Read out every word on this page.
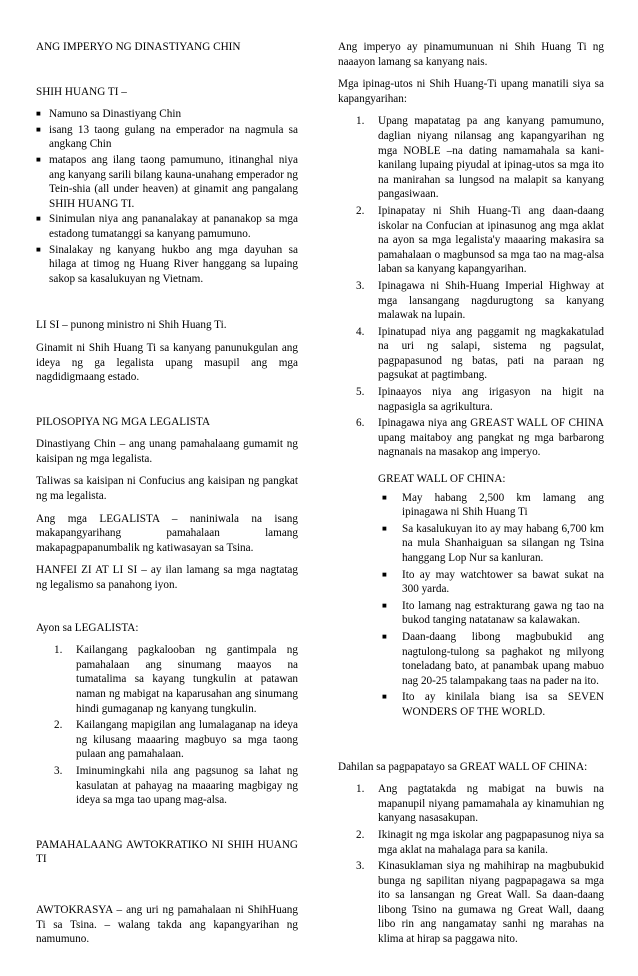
ANG IMPERYO NG DINASTIYANG CHIN

SHIH HUANG TI –

■ Namuno sa Dinastiyang Chin
■ isang 13 taong gulang na emperador na nagmula sa angkang Chin
■ matapos ang ilang taong pamumuno, itinanghal niya ang kanyang sarili bilang kauna-unahang emperador ng Tein-shia (all under heaven) at ginamit ang pangalang SHIH HUANG TI.
■ Sinimulan niya ang pananalakay at pananakop sa mga estadong tumatanggi sa kanyang pamumuno.
■ Sinalakay ng kanyang hukbo ang mga dayuhan sa hilaga at timog ng Huang River hanggang sa lupaing sakop sa kasalukuyan ng Vietnam.

LI SI – punong ministro ni Shih Huang Ti.

Ginamit ni Shih Huang Ti sa kanyang panunukgulan ang ideya ng ga legalista upang masupil ang mga nagdidigmaang estado.

PILOSOPIYA NG MGA LEGALISTA

Dinastiyang Chin – ang unang pamahalaang gumamit ng kaisipan ng mga legalista.

Taliwas sa kaisipan ni Confucius ang kaisipan ng pangkat ng ma legalista.

Ang mga LEGALISTA – naniniwala na isang makapangyarihang pamahalaan lamang makapagpapanumbalik ng katiwasayan sa Tsina.

HANFEI ZI AT LI SI – ay ilan lamang sa mga nagtatag ng legalismo sa panahong iyon.

Ayon sa LEGALISTA:

1. Kailangang pagkalooban ng gantimpala ng pamahalaan ang sinumang maayos na tumatalima sa kayang tungkulin at patawan naman ng mabigat na kaparusahan ang sinumang hindi gumaganap ng kanyang tungkulin.
2. Kailangang mapigilan ang lumalaganap na ideya ng kilusang maaaring magbuyo sa mga taong pulaan ang pamahalaan.
3. Iminumingkahi nila ang pagsunog sa lahat ng kasulatan at pahayag na maaaring magbigay ng ideya sa mga tao upang mag-alsa.

PAMAHALAANG AWTOKRATIKO NI SHIH HUANG TI

AWTOKRASYA – ang uri ng pamahalaan ni ShihHuang Ti sa Tsina. – walang takda ang kapangyarihan ng namumuno.

Ang imperyo ay pinamumunuan ni Shih Huang Ti ng naaayon lamang sa kanyang nais.

Mga ipinag-utos ni Shih Huang-Ti upang manatili siya sa kapangyarihan:

1. Upang mapatatag pa ang kanyang pamumuno, daglian niyang nilansag ang kapangyarihan ng mga NOBLE –na dating namamahala sa kani-kanilang lupaing piyudal at ipinag-utos sa mga ito na manirahan sa lungsod na malapit sa kanyang pangasiwaan.
2. Ipinapatay ni Shih Huang-Ti ang daan-daang iskolar na Confucian at ipinasunog ang mga aklat na ayon sa mga legalista'y maaaring makasira sa pamahalaan o magbunsod sa mga tao na mag-alsa laban sa kanyang kapangyarihan.
3. Ipinagawa ni Shih-Huang Imperial Highway at mga lansangang nagdurugtong sa kanyang malawak na lupain.
4. Ipinatupad niya ang paggamit ng magkakatulad na uri ng salapi, sistema ng pagsulat, pagpapasunod ng batas, pati na paraan ng pagsukat at pagtimbang.
5. Ipinaayos niya ang irigasyon na higit na nagpasigla sa agrikultura.
6. Ipinagawa niya ang GREAST WALL OF CHINA upang maitaboy ang pangkat ng mga barbarong nagnanais na masakop ang imperyo.
GREAT WALL OF CHINA:
■ May habang 2,500 km lamang ang ipinagawa ni Shih Huang Ti
■ Sa kasalukuyan ito ay may habang 6,700 km na mula Shanhaiguan sa silangan ng Tsina hanggang Lop Nur sa kanluran.
■ Ito ay may watchtower sa bawat sukat na 300 yarda.
■ Ito lamang nag estrakturang gawa ng tao na bukod tanging natatanaw sa kalawakan.
■ Daan-daang libong magbubukid ang nagtulong-tulong sa paghakot ng milyong toneladang bato, at panambak upang mabuo nag 20-25 talampakang taas na pader na ito.
■ Ito ay kinilala biang isa sa SEVEN WONDERS OF THE WORLD.

Dahilan sa pagpapatayo sa GREAT WALL OF CHINA:

1. Ang pagtatakda ng mabigat na buwis na mapanupil niyang pamamahala ay kinamuhian ng kanyang nasasakupan.
2. Ikinagit ng mga iskolar ang pagpapasunog niya sa mga aklat na mahalaga para sa kanila.
3. Kinasuklaman siya ng mahihirap na magbubukid bunga ng sapilitan niyang pagpapagawa sa mga ito sa lansangan ng Great Wall. Sa daan-daang libong Tsino na gumawa ng Great Wall, daang libo rin ang nangamatay sanhi ng marahas na klima at hirap sa paggawa nito.
